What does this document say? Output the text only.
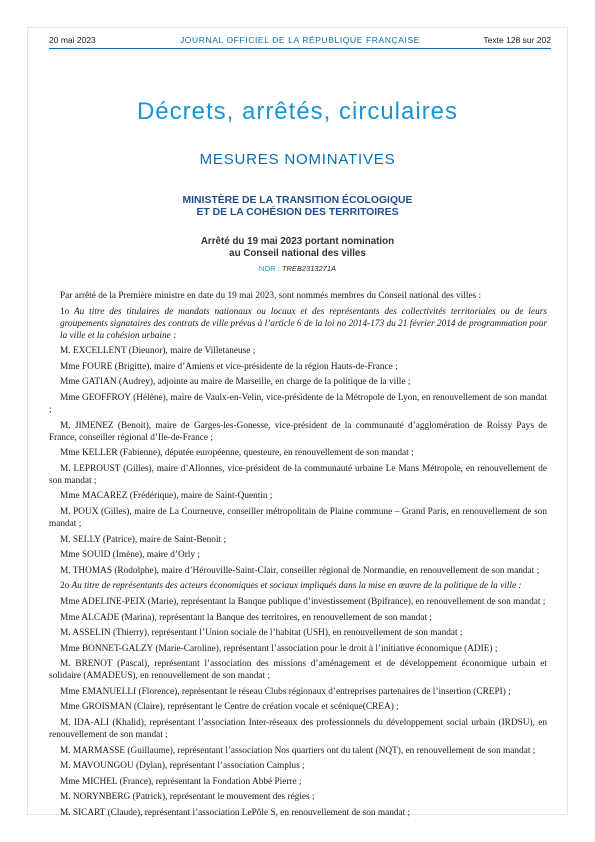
20 mai 2023	JOURNAL OFFICIEL DE LA RÉPUBLIQUE FRANÇAISE	Texte 128 sur 202
Décrets, arrêtés, circulaires
MESURES NOMINATIVES
MINISTÈRE DE LA TRANSITION ÉCOLOGIQUE
ET DE LA COHÉSION DES TERRITOIRES
Arrêté du 19 mai 2023 portant nomination
au Conseil national des villes
NOR : TREB2313271A

Par arrêté de la Première ministre en date du 19 mai 2023, sont nommés membres du Conseil national des villes :

1o Au titre des titulaires de mandats nationaux ou locaux et des représentants des collectivités territoriales ou de leurs groupements signataires des contrats de ville prévus à l’article 6 de la loi no 2014-173 du 21 février 2014 de programmation pour la ville et la cohésion urbaine :

M. EXCELLENT (Dieunor), maire de Villetaneuse ;

Mme FOURE (Brigitte), maire d’Amiens et vice-présidente de la région Hauts-de-France ;

Mme GATIAN (Audrey), adjointe au maire de Marseille, en charge de la politique de la ville ;

Mme GEOFFROY (Hélène), maire de Vaulx-en-Velin, vice-présidente de la Métropole de Lyon, en renouvellement de son mandat ;

M. JIMENEZ (Benoit), maire de Garges-les-Gonesse, vice-président de la communauté d’agglomération de Roissy Pays de France, conseiller régional d’Ile-de-France ;

Mme KELLER (Fabienne), députée européenne, questeure, en renouvellement de son mandat ;

M. LEPROUST (Gilles), maire d’Allonnes, vice-président de la communauté urbaine Le Mans Métropole, en renouvellement de son mandat ;

Mme MACAREZ (Frédérique), maire de Saint-Quentin ;

M. POUX (Gilles), maire de La Courneuve, conseiller métropolitain de Plaine commune – Grand Paris, en renouvellement de son mandat ;

M. SELLY (Patrice), maire de Saint-Benoit ;

Mme SOUID (Imène), maire d’Orly ;

M. THOMAS (Rodolphe), maire d’Hérouville-Saint-Clair, conseiller régional de Normandie, en renouvellement de son mandat ;

2o Au titre de représentants des acteurs économiques et sociaux impliqués dans la mise en œuvre de la politique de la ville :

Mme ADELINE-PEIX (Marie), représentant la Banque publique d’investissement (Bpifrance), en renouvellement de son mandat ;

Mme ALCADE (Marina), représentant la Banque des territoires, en renouvellement de son mandat ;

M. ASSELIN (Thierry), représentant l’Union sociale de l’habitat (USH), en renouvellement de son mandat ;

Mme BONNET-GALZY (Marie-Caroline), représentant l’association pour le droit à l’initiative économique (ADIE) ;

M. BRENOT (Pascal), représentant l’association des missions d’aménagement et de développement économique urbain et solidaire (AMADEUS), en renouvellement de son mandat ;

Mme EMANUELLI (Florence), représentant le réseau Clubs régionaux d’entreprises partenaires de l’insertion (CREPI) ;

Mme GROISMAN (Claire), représentant le Centre de création vocale et scénique(CREA) ;

M. IDA-ALI (Khalid), représentant l’association Inter-réseaux des professionnels du développement social urbain (IRDSU), en renouvellement de son mandat ;

M. MARMASSE (Guillaume), représentant l’association Nos quartiers ont du talent (NQT), en renouvellement de son mandat ;

M. MAVOUNGOU (Dylan), représentant l’association Camplus ;

Mme MICHEL (France), représentant la Fondation Abbé Pierre ;

M. NORYNBERG (Patrick), représentant le mouvement des régies ;

M. SICART (Claude), représentant l’association LePôle S, en renouvellement de son mandat ;
